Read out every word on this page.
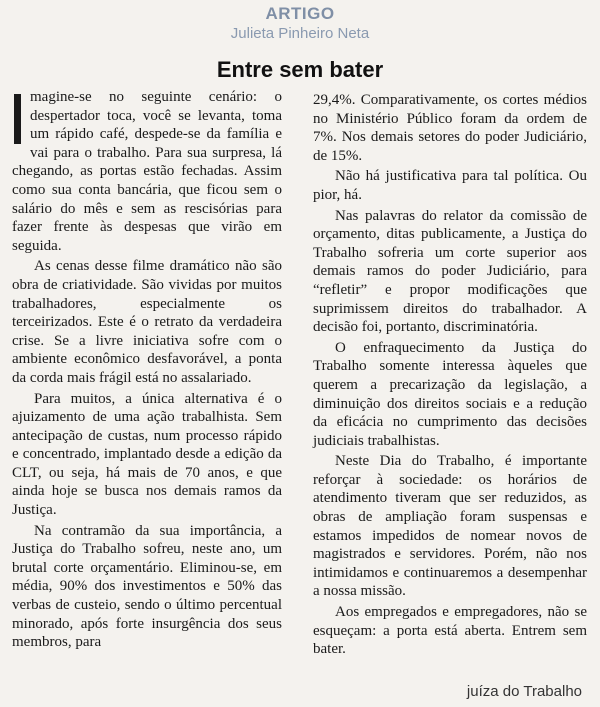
ARTIGO
Julieta Pinheiro Neta
Entre sem bater

magine-se no seguinte cenário: o despertador toca, você se levanta, toma um rápido café, despede-se da família e vai para o trabalho. Para sua surpresa, lá chegando, as portas estão fechadas. Assim como sua conta bancária, que ficou sem o salário do mês e sem as rescisórias para fazer frente às despesas que virão em seguida.

As cenas desse filme dramático não são obra de criatividade. São vividas por muitos trabalhadores, especialmente os terceirizados. Este é o retrato da verdadeira crise. Se a livre iniciativa sofre com o ambiente econômico desfavorável, a ponta da corda mais frágil está no assalariado.

Para muitos, a única alternativa é o ajuizamento de uma ação trabalhista. Sem antecipação de custas, num processo rápido e concentrado, implantado desde a edição da CLT, ou seja, há mais de 70 anos, e que ainda hoje se busca nos demais ramos da Justiça.

Na contramão da sua importância, a Justiça do Trabalho sofreu, neste ano, um brutal corte orçamentário. Eliminou-se, em média, 90% dos investimentos e 50% das verbas de custeio, sendo o último percentual minorado, após forte insurgência dos seus membros, para

29,4%. Comparativamente, os cortes médios no Ministério Público foram da ordem de 7%. Nos demais setores do poder Judiciário, de 15%.

Não há justificativa para tal política. Ou pior, há.

Nas palavras do relator da comissão de orçamento, ditas publicamente, a Justiça do Trabalho sofreria um corte superior aos demais ramos do poder Judiciário, para “refletir” e propor modificações que suprimissem direitos do trabalhador. A decisão foi, portanto, discriminatória.

O enfraquecimento da Justiça do Trabalho somente interessa àqueles que querem a precarização da legislação, a diminuição dos direitos sociais e a redução da eficácia no cumprimento das decisões judiciais trabalhistas.

Neste Dia do Trabalho, é importante reforçar à sociedade: os horários de atendimento tiveram que ser reduzidos, as obras de ampliação foram suspensas e estamos impedidos de nomear novos de magistrados e servidores. Porém, não nos intimidamos e continuaremos a desempenhar a nossa missão.

Aos empregados e empregadores, não se esqueçam: a porta está aberta. Entrem sem bater.

juíza do Trabalho
